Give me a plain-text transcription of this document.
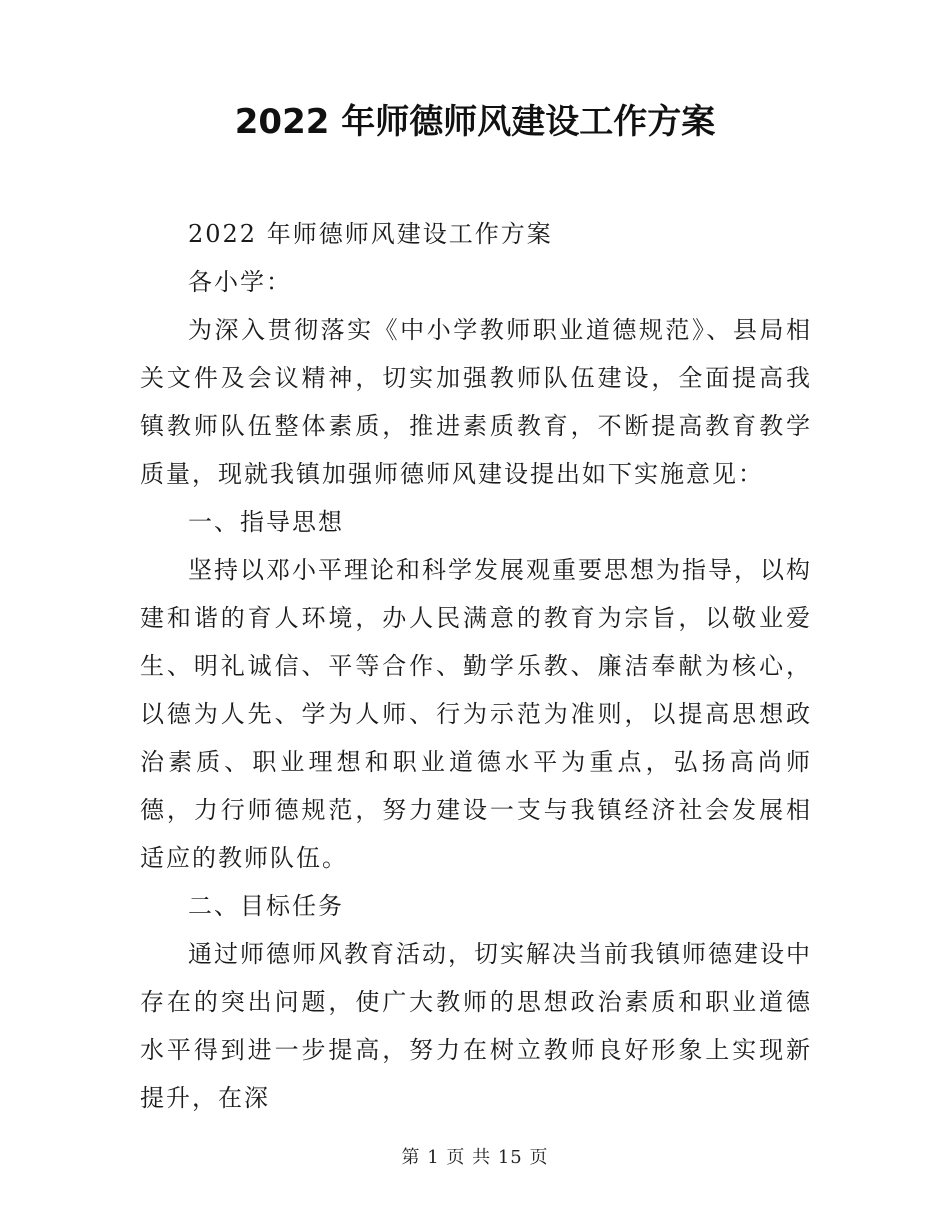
2022 年师德师风建设工作方案

2022 年师德师风建设工作方案

各小学：

为深入贯彻落实《中小学教师职业道德规范》、县局相关文件及会议精神，切实加强教师队伍建设，全面提高我镇教师队伍整体素质，推进素质教育，不断提高教育教学质量，现就我镇加强师德师风建设提出如下实施意见：

一、指导思想

坚持以邓小平理论和科学发展观重要思想为指导，以构建和谐的育人环境，办人民满意的教育为宗旨，以敬业爱生、明礼诚信、平等合作、勤学乐教、廉洁奉献为核心，以德为人先、学为人师、行为示范为准则，以提高思想政治素质、职业理想和职业道德水平为重点，弘扬高尚师德，力行师德规范，努力建设一支与我镇经济社会发展相适应的教师队伍。

二、目标任务

通过师德师风教育活动，切实解决当前我镇师德建设中存在的突出问题，使广大教师的思想政治素质和职业道德水平得到进一步提高，努力在树立教师良好形象上实现新提升，在深

第 1 页 共 15 页
